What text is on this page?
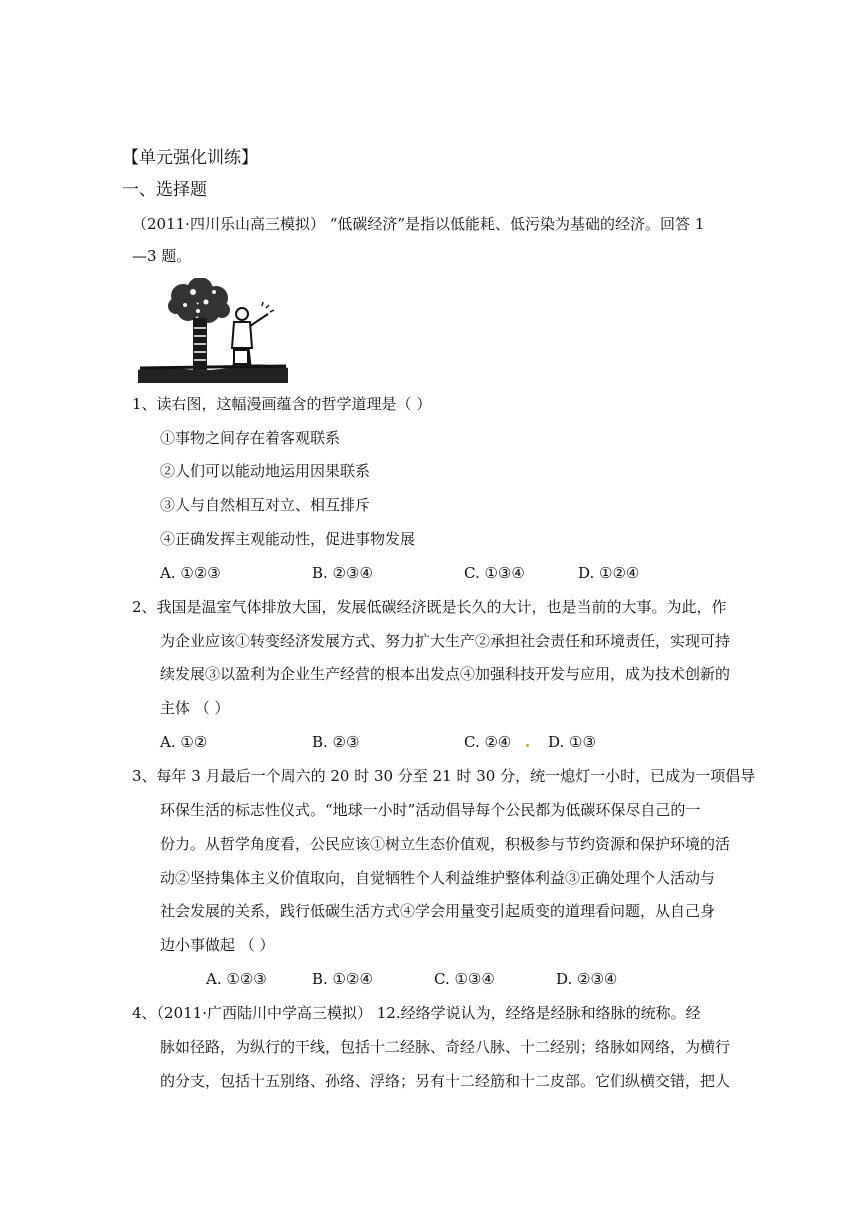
【单元强化训练】
一、选择题
（2011·四川乐山高三模拟） “低碳经济”是指以低能耗、低污染为基础的经济。回答 1
—3 题。
1、读右图，这幅漫画蕴含的哲学道理是（ ）
①事物之间存在着客观联系
②人们可以能动地运用因果联系
③人与自然相互对立、相互排斥
④正确发挥主观能动性，促进事物发展
A. ①②③	B. ②③④	C. ①③④	D. ①②④
2、我国是温室气体排放大国，发展低碳经济既是长久的大计，也是当前的大事。为此，作
为企业应该①转变经济发展方式、努力扩大生产②承担社会责任和环境责任，实现可持
续发展③以盈利为企业生产经营的根本出发点④加强科技开发与应用，成为技术创新的
主体 （ ）
A. ①②	B. ②③	C. ②④ D. ①③
3、每年 3 月最后一个周六的 20 时 30 分至 21 时 30 分，统一熄灯一小时，已成为一项倡导
环保生活的标志性仪式。“地球一小时”活动倡导每个公民都为低碳环保尽自己的一
份力。从哲学角度看，公民应该①树立生态价值观，积极参与节约资源和保护环境的活
动②坚持集体主义价值取向，自觉牺牲个人利益维护整体利益③正确处理个人活动与
社会发展的关系，践行低碳生活方式④学会用量变引起质变的道理看问题，从自己身
边小事做起 （ ）
A. ①②③	B. ①②④	C. ①③④	D. ②③④
4、（2011·广西陆川中学高三模拟） 12.经络学说认为，经络是经脉和络脉的统称。经
脉如径路，为纵行的干线，包括十二经脉、奇经八脉、十二经别；络脉如网络，为横行
的分支，包括十五别络、孙络、浮络；另有十二经筋和十二皮部。它们纵横交错，把人
